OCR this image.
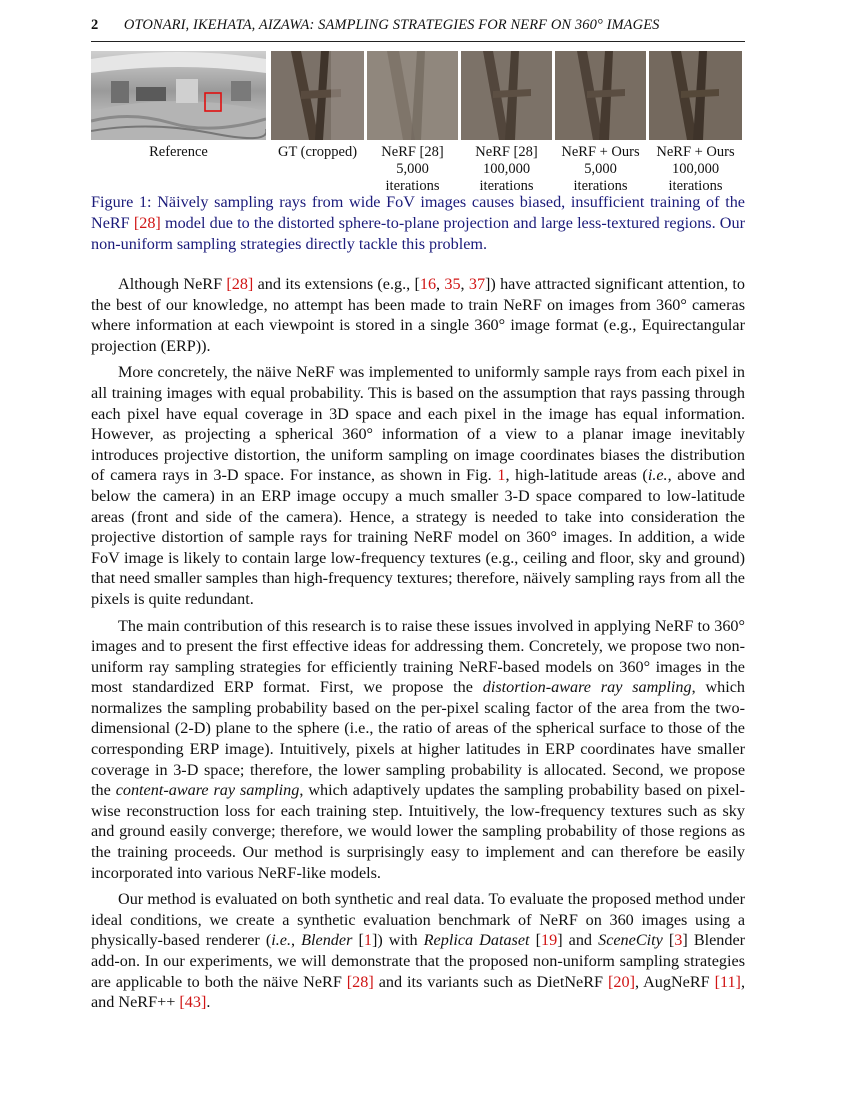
2 OTONARI, IKEHATA, AIZAWA: SAMPLING STRATEGIES FOR NERF ON 360° IMAGES
Reference	GT (cropped)	NeRF [28]
5,000
iterations
NeRF [28]
100,000
iterations
NeRF + Ours
5,000
iterations
NeRF + Ours
100,000
iterations
Figure 1: Näively sampling rays from wide FoV images causes biased, insufficient training of the NeRF [28] model due to the distorted sphere-to-plane projection and large less-textured regions. Our non-uniform sampling strategies directly tackle this problem.

Although NeRF [28] and its extensions (e.g., [16, 35, 37]) have attracted significant attention, to the best of our knowledge, no attempt has been made to train NeRF on images from 360° cameras where information at each viewpoint is stored in a single 360° image format (e.g., Equirectangular projection (ERP)).

More concretely, the näive NeRF was implemented to uniformly sample rays from each pixel in all training images with equal probability. This is based on the assumption that rays passing through each pixel have equal coverage in 3D space and each pixel in the image has equal information. However, as projecting a spherical 360° information of a view to a planar image inevitably introduces projective distortion, the uniform sampling on image coordinates biases the distribution of camera rays in 3-D space. For instance, as shown in Fig. 1, high-latitude areas (i.e., above and below the camera) in an ERP image occupy a much smaller 3-D space compared to low-latitude areas (front and side of the camera). Hence, a strategy is needed to take into consideration the projective distortion of sample rays for training NeRF model on 360° images. In addition, a wide FoV image is likely to contain large low-frequency textures (e.g., ceiling and floor, sky and ground) that need smaller samples than high-frequency textures; therefore, näively sampling rays from all the pixels is quite redundant.

The main contribution of this research is to raise these issues involved in applying NeRF to 360° images and to present the first effective ideas for addressing them. Concretely, we propose two non-uniform ray sampling strategies for efficiently training NeRF-based models on 360° images in the most standardized ERP format. First, we propose the distortion-aware ray sampling, which normalizes the sampling probability based on the per-pixel scaling factor of the area from the two-dimensional (2-D) plane to the sphere (i.e., the ratio of areas of the spherical surface to those of the corresponding ERP image). Intuitively, pixels at higher latitudes in ERP coordinates have smaller coverage in 3-D space; therefore, the lower sampling probability is allocated. Second, we propose the content-aware ray sampling, which adaptively updates the sampling probability based on pixel-wise reconstruction loss for each training step. Intuitively, the low-frequency textures such as sky and ground easily converge; therefore, we would lower the sampling probability of those regions as the training proceeds. Our method is surprisingly easy to implement and can therefore be easily incorporated into various NeRF-like models.

Our method is evaluated on both synthetic and real data. To evaluate the proposed method under ideal conditions, we create a synthetic evaluation benchmark of NeRF on 360 images using a physically-based renderer (i.e., Blender [1]) with Replica Dataset [19] and SceneCity [3] Blender add-on. In our experiments, we will demonstrate that the proposed non-uniform sampling strategies are applicable to both the näive NeRF [28] and its variants such as DietNeRF [20], AugNeRF [11], and NeRF++ [43].
